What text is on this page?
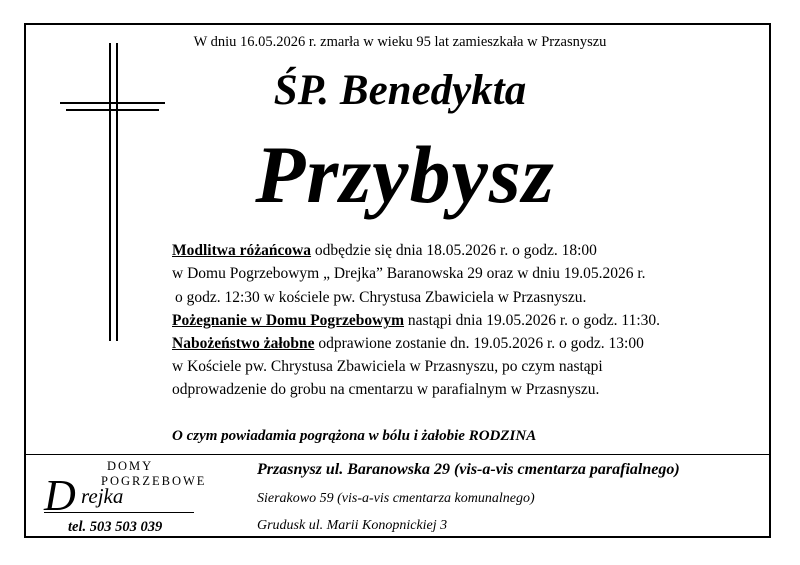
W dniu 16.05.2026 r. zmarła w wieku 95 lat zamieszkała w Przasnyszu
ŚP. Benedykta
Przybysz
Modlitwa różańcowa odbędzie się dnia 18.05.2026 r. o godz. 18:00
w Domu Pogrzebowym „ Drejka” Baranowska 29 oraz w dniu 19.05.2026 r.
o godz. 12:30 w kościele pw. Chrystusa Zbawiciela w Przasnyszu.
Pożegnanie w Domu Pogrzebowym nastąpi dnia 19.05.2026 r. o godz. 11:30.
Nabożeństwo żałobne odprawione zostanie dn. 19.05.2026 r. o godz. 13:00
w Kościele pw. Chrystusa Zbawiciela w Przasnyszu, po czym nastąpi
odprowadzenie do grobu na cmentarzu w parafialnym w Przasnyszu.
O czym powiadamia pogrążona w bólu i żałobie RODZINA
DOMY
POGRZEBOWE
D rejka
tel. 503 503 039
Przasnysz ul. Baranowska 29 (vis-a-vis cmentarza parafialnego)
Sierakowo 59 (vis-a-vis cmentarza komunalnego)
Grudusk ul. Marii Konopnickiej 3
